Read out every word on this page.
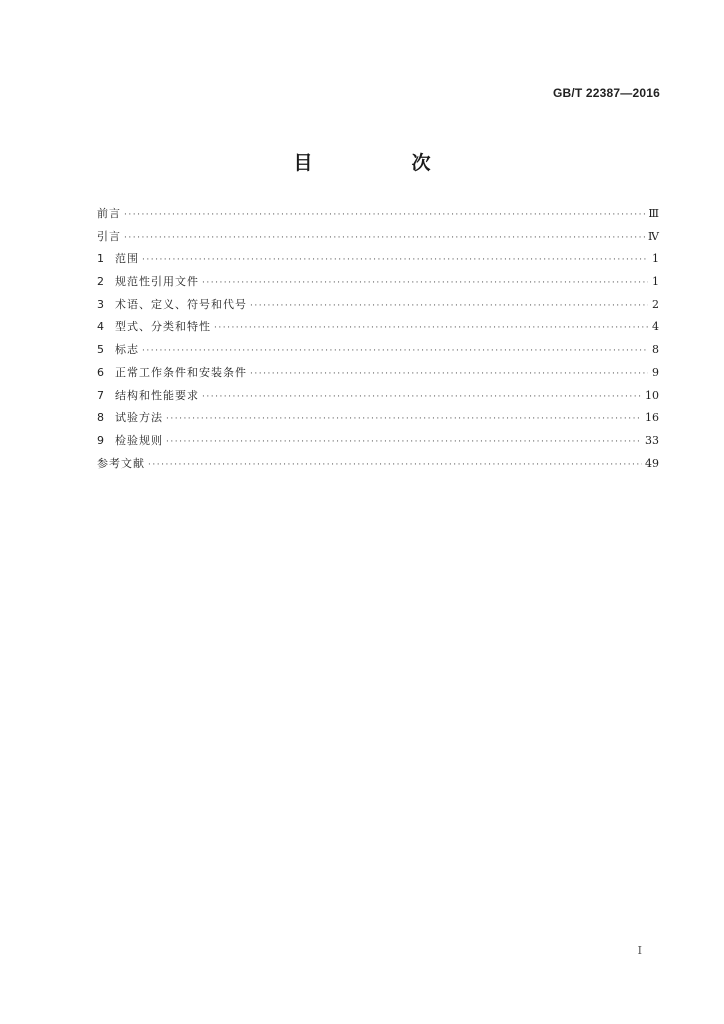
GB/T 22387—2016
目　次
前言 ·····	Ⅲ
引言 ·····	Ⅳ
1	范围 ·····	1
2	规范性引用文件 ·····	1
3	术语、定义、符号和代号 ·····	2
4	型式、分类和特性 ·····	4
5	标志 ·····	8
6	正常工作条件和安装条件 ·····	9
7	结构和性能要求 ·····	10
8	试验方法 ·····	16
9	检验规则 ·····	33
参考文献 ·····	49
I
